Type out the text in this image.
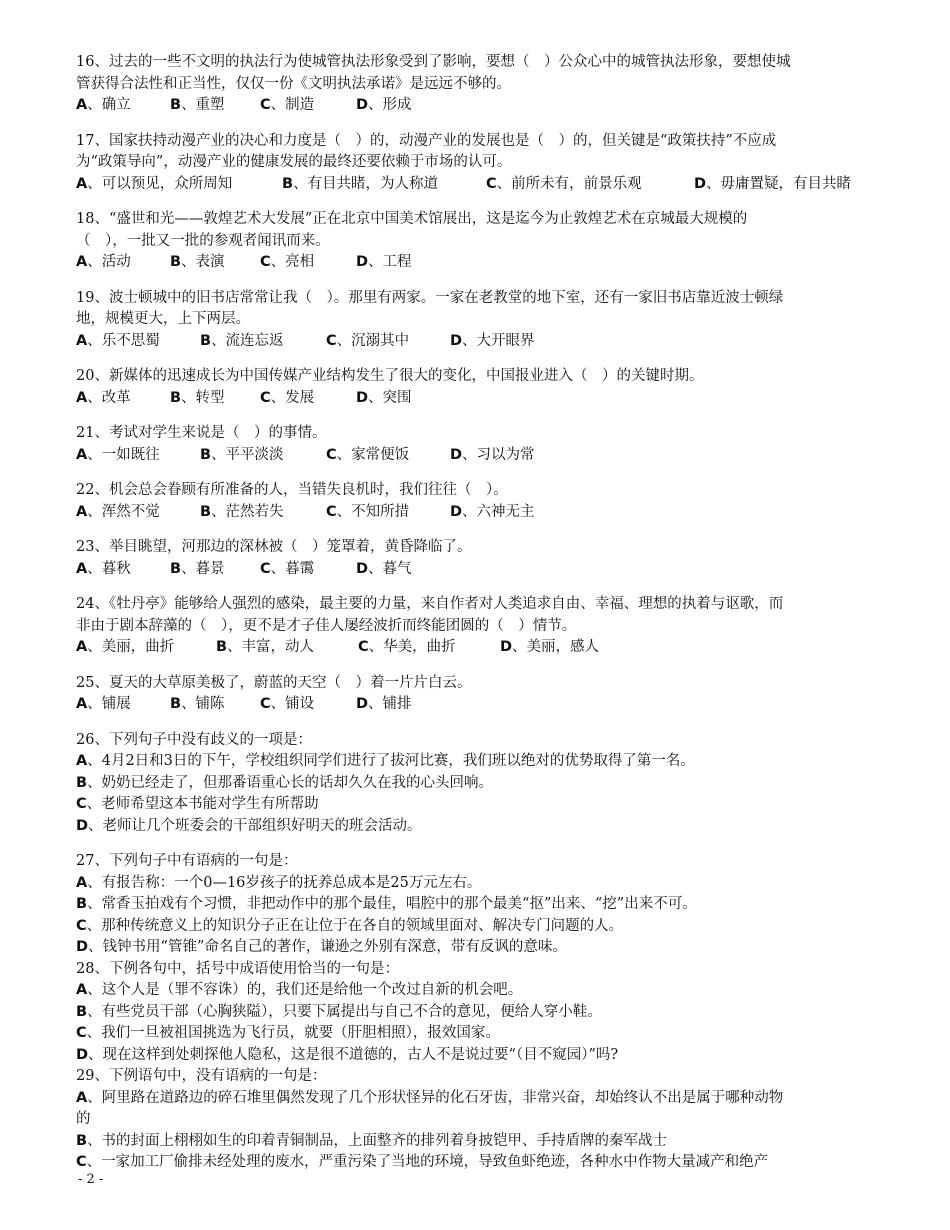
16、过去的一些不文明的执法行为使城管执法形象受到了影响，要想（　）公众心中的城管执法形象，要想使城
管获得合法性和正当性，仅仅一份《文明执法承诺》是远远不够的。
A、确立	B、重塑	C、制造	D、形成
17、国家扶持动漫产业的决心和力度是（　）的，动漫产业的发展也是（　）的，但关键是“政策扶持”不应成
为“政策导向”，动漫产业的健康发展的最终还要依赖于市场的认可。
A、可以预见，众所周知	B、有目共睹，为人称道	C、前所未有，前景乐观	D、毋庸置疑，有目共睹
18、“盛世和光——敦煌艺术大发展”正在北京中国美术馆展出，这是迄今为止敦煌艺术在京城最大规模的
（　），一批又一批的参观者闻讯而来。
A、活动	B、表演	C、亮相	D、工程
19、波士顿城中的旧书店常常让我（　）。那里有两家。一家在老教堂的地下室，还有一家旧书店靠近波士顿绿
地，规模更大，上下两层。
A、乐不思蜀	B、流连忘返	C、沉溺其中	D、大开眼界
20、新媒体的迅速成长为中国传媒产业结构发生了很大的变化，中国报业进入（　）的关键时期。
A、改革	B、转型	C、发展	D、突围
21、考试对学生来说是（　）的事情。
A、一如既往	B、平平淡淡	C、家常便饭	D、习以为常
22、机会总会眷顾有所准备的人，当错失良机时，我们往往（　）。
A、浑然不觉	B、茫然若失	C、不知所措	D、六神无主
23、举目眺望，河那边的深林被（　）笼罩着，黄昏降临了。
A、暮秋	B、暮景	C、暮霭	D、暮气
24、《牡丹亭》能够给人强烈的感染，最主要的力量，来自作者对人类追求自由、幸福、理想的执着与讴歌，而
非由于剧本辞藻的（　），更不是才子佳人屡经波折而终能团圆的（　）情节。
A、美丽，曲折	B、丰富，动人	C、华美，曲折	D、美丽，感人
25、夏天的大草原美极了，蔚蓝的天空（　）着一片片白云。
A、铺展	B、铺陈	C、铺设	D、铺排
26、下列句子中没有歧义的一项是：
A、4月2日和3日的下午，学校组织同学们进行了拔河比赛，我们班以绝对的优势取得了第一名。
B、奶奶已经走了，但那番语重心长的话却久久在我的心头回响。
C、老师希望这本书能对学生有所帮助
D、老师让几个班委会的干部组织好明天的班会活动。
27、下列句子中有语病的一句是：
A、有报告称：一个0—16岁孩子的抚养总成本是25万元左右。
B、常香玉拍戏有个习惯，非把动作中的那个最佳，唱腔中的那个最美“抠”出来、“挖”出来不可。
C、那种传统意义上的知识分子正在让位于在各自的领域里面对、解决专门问题的人。
D、钱钟书用“管锥”命名自己的著作，谦逊之外别有深意，带有反讽的意味。
28、下例各句中，括号中成语使用恰当的一句是：
A、这个人是（罪不容诛）的，我们还是给他一个改过自新的机会吧。
B、有些党员干部（心胸狭隘），只要下属提出与自己不合的意见，便给人穿小鞋。
C、我们一旦被祖国挑选为飞行员，就要（肝胆相照），报效国家。
D、现在这样到处刺探他人隐私，这是很不道德的，古人不是说过要“（目不窥园）”吗?
29、下例语句中，没有语病的一句是：
A、阿里路在道路边的碎石堆里偶然发现了几个形状怪异的化石牙齿，非常兴奋，却始终认不出是属于哪种动物
的
B、书的封面上栩栩如生的印着青铜制品，上面整齐的排列着身披铠甲、手持盾牌的秦军战士
C、一家加工厂偷排未经处理的废水，严重污染了当地的环境，导致鱼虾绝迹，各种水中作物大量减产和绝产
- 2 -
